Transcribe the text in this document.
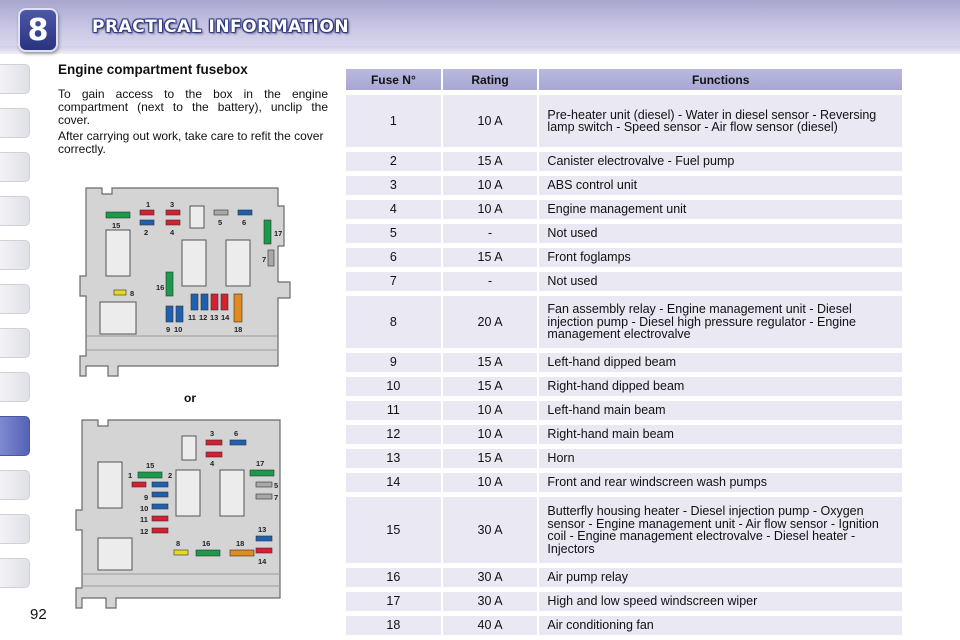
8	PRACTICAL INFORMATION
Engine compartment fusebox
To gain access to the box in the engine compartment (next to the battery), unclip the cover.
After carrying out work, take care to refit the cover correctly.
1	3
2	4
15	5	6
17
7
16
8
9 10
11 12 13 14
18
or
3	6
4
15
2
1
17
5
7
9
10
11
12	13
8	16	18
14
92
Fuse N°	Rating	Functions
1	10 A	Pre-heater unit (diesel) - Water in diesel sensor - Reversing lamp switch - Speed sensor - Air flow sensor (diesel)
2	15 A	Canister electrovalve - Fuel pump
3	10 A	ABS control unit
4	10 A	Engine management unit
5	-	Not used
6	15 A	Front foglamps
7	-	Not used
8	20 A	Fan assembly relay - Engine management unit - Diesel injection pump - Diesel high pressure regulator - Engine management electrovalve
9	15 A	Left-hand dipped beam
10	15 A	Right-hand dipped beam
11	10 A	Left-hand main beam
12	10 A	Right-hand main beam
13	15 A	Horn
14	10 A	Front and rear windscreen wash pumps
15	30 A	Butterfly housing heater - Diesel injection pump - Oxygen sensor - Engine management unit - Air flow sensor - Ignition coil - Engine management electrovalve - Diesel heater - Injectors
16	30 A	Air pump relay
17	30 A	High and low speed windscreen wiper
18	40 A	Air conditioning fan
